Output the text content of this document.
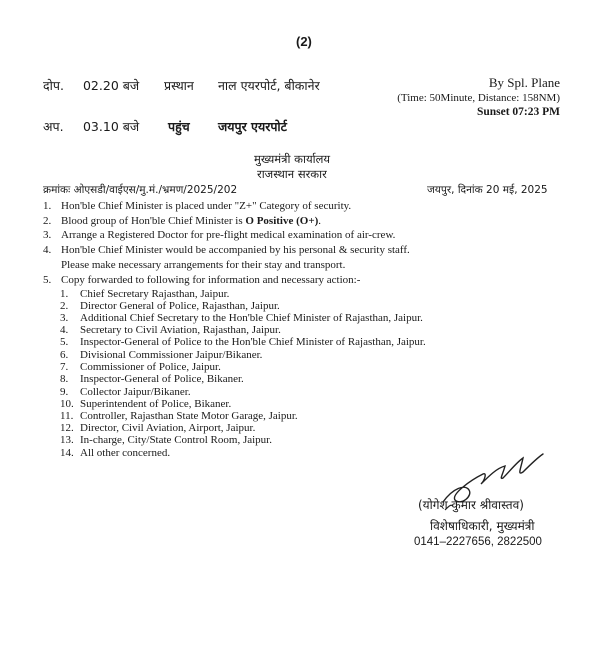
(2)
दोप. 02.20 बजे प्रस्थान नाल एयरपोर्ट, बीकानेर
अप. 03.10 बजे पहुंच जयपुर एयरपोर्ट
By Spl. Plane
(Time: 50Minute, Distance: 158NM)
Sunset 07:23 PM
मुख्यमंत्री कार्यालय
राजस्थान सरकार
क्रमांकः ओएसडी/वाईएस/मु.मं./भ्रमण/2025/202	जयपुर, दिनांक 20 मई, 2025
1. Hon'ble Chief Minister is placed under "Z+" Category of security.
2. Blood group of Hon'ble Chief Minister is O Positive (O+).
3. Arrange a Registered Doctor for pre-flight medical examination of air-crew.
4. Hon'ble Chief Minister would be accompanied by his personal & security staff.
Please make necessary arrangements for their stay and transport.
5. Copy forwarded to following for information and necessary action:-
1. Chief Secretary Rajasthan, Jaipur.
2. Director General of Police, Rajasthan, Jaipur.
3. Additional Chief Secretary to the Hon'ble Chief Minister of Rajasthan, Jaipur.
4. Secretary to Civil Aviation, Rajasthan, Jaipur.
5. Inspector-General of Police to the Hon'ble Chief Minister of Rajasthan, Jaipur.
6. Divisional Commissioner Jaipur/Bikaner.
7. Commissioner of Police, Jaipur.
8. Inspector-General of Police, Bikaner.
9. Collector Jaipur/Bikaner.
10. Superintendent of Police, Bikaner.
11. Controller, Rajasthan State Motor Garage, Jaipur.
12. Director, Civil Aviation, Airport, Jaipur.
13. In-charge, City/State Control Room, Jaipur.
14. All other concerned.
(योगेश कुमार श्रीवास्तव)
विशेषाधिकारी, मुख्यमंत्री
0141–2227656, 2822500
